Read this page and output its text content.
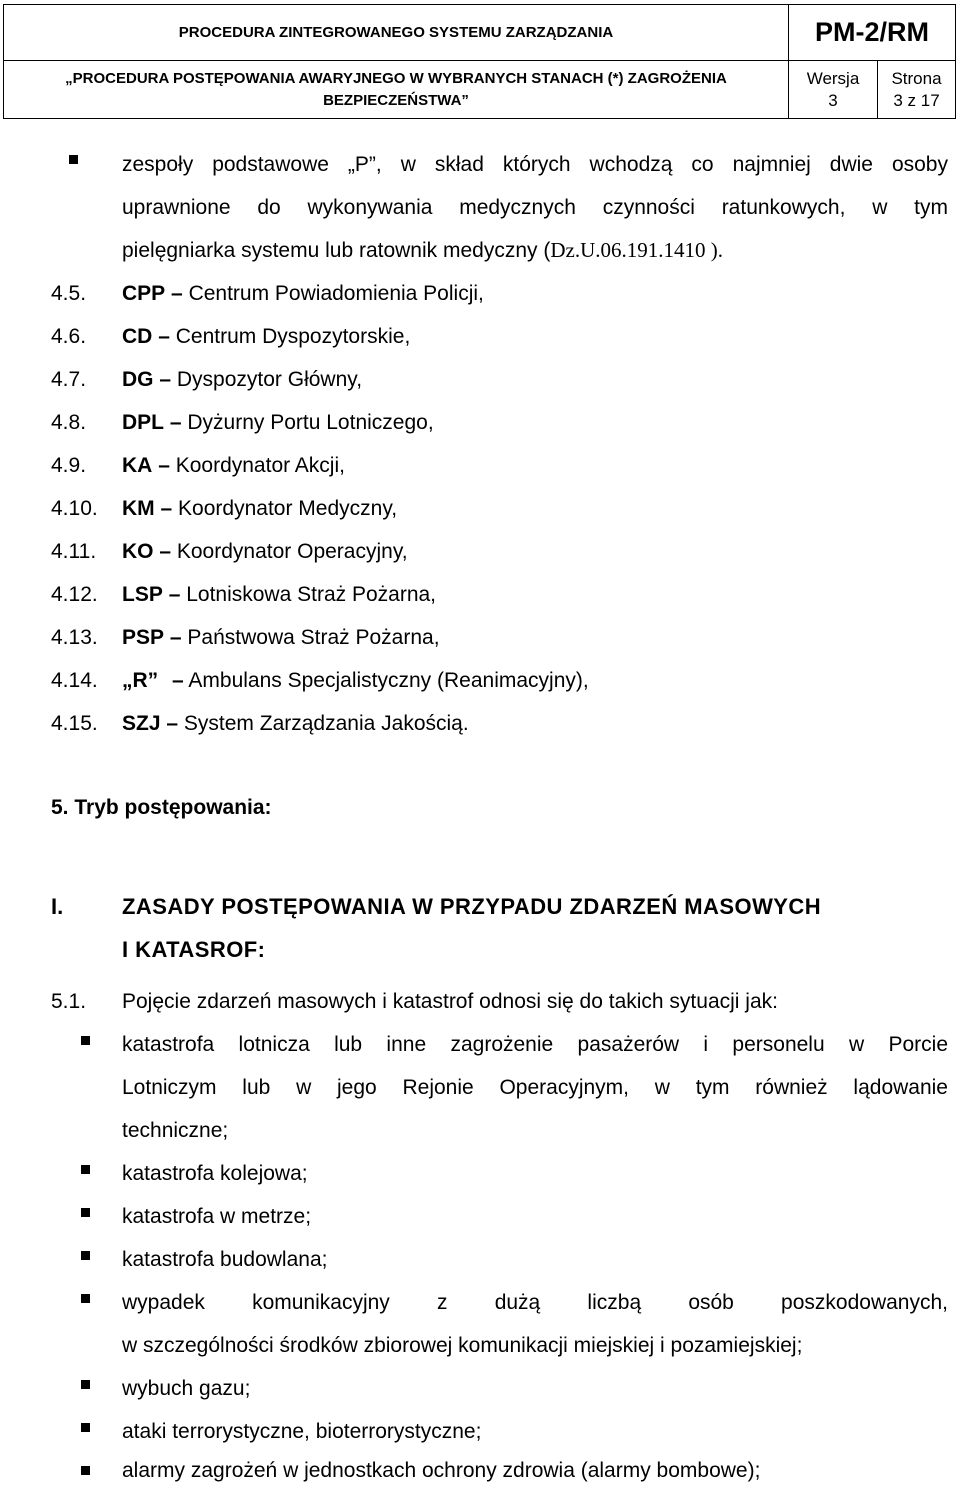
PROCEDURA ZINTEGROWANEGO SYSTEMU ZARZĄDZANIA
„PROCEDURA POSTĘPOWANIA AWARYJNEGO W WYBRANYCH STANACH (*) ZAGROŻENIA
BEZPIECZEŃSTWA”
PM-2/RM
Wersja
3
Strona
3 z 17
zespoły podstawowe „P”, w skład których wchodzą co najmniej dwie osoby
uprawnione do wykonywania medycznych czynności ratunkowych, w tym
pielęgniarka systemu lub ratownik medyczny (Dz.U.06.191.1410 ).
4.5. CPP – Centrum Powiadomienia Policji,
4.6. CD – Centrum Dyspozytorskie,
4.7. DG – Dyspozytor Główny,
4.8. DPL – Dyżurny Portu Lotniczego,
4.9. KA – Koordynator Akcji,
4.10. KM – Koordynator Medyczny,
4.11. KO – Koordynator Operacyjny,
4.12. LSP – Lotniskowa Straż Pożarna,
4.13. PSP – Państwowa Straż Pożarna,
4.14. „R” – Ambulans Specjalistyczny (Reanimacyjny),
4.15. SZJ – System Zarządzania Jakością.
5. Tryb postępowania:
I.	ZASADY POSTĘPOWANIA W PRZYPADU ZDARZEŃ MASOWYCH
I KATASROF:
5.1. Pojęcie zdarzeń masowych i katastrof odnosi się do takich sytuacji jak:
katastrofa lotnicza lub inne zagrożenie pasażerów i personelu w Porcie
Lotniczym lub w jego Rejonie Operacyjnym, w tym również lądowanie
techniczne;
katastrofa kolejowa;
katastrofa w metrze;
katastrofa budowlana;
wypadek komunikacyjny z dużą liczbą osób poszkodowanych,
w szczególności środków zbiorowej komunikacji miejskiej i pozamiejskiej;
wybuch gazu;
ataki terrorystyczne, bioterrorystyczne;
alarmy zagrożeń w jednostkach ochrony zdrowia (alarmy bombowe);
